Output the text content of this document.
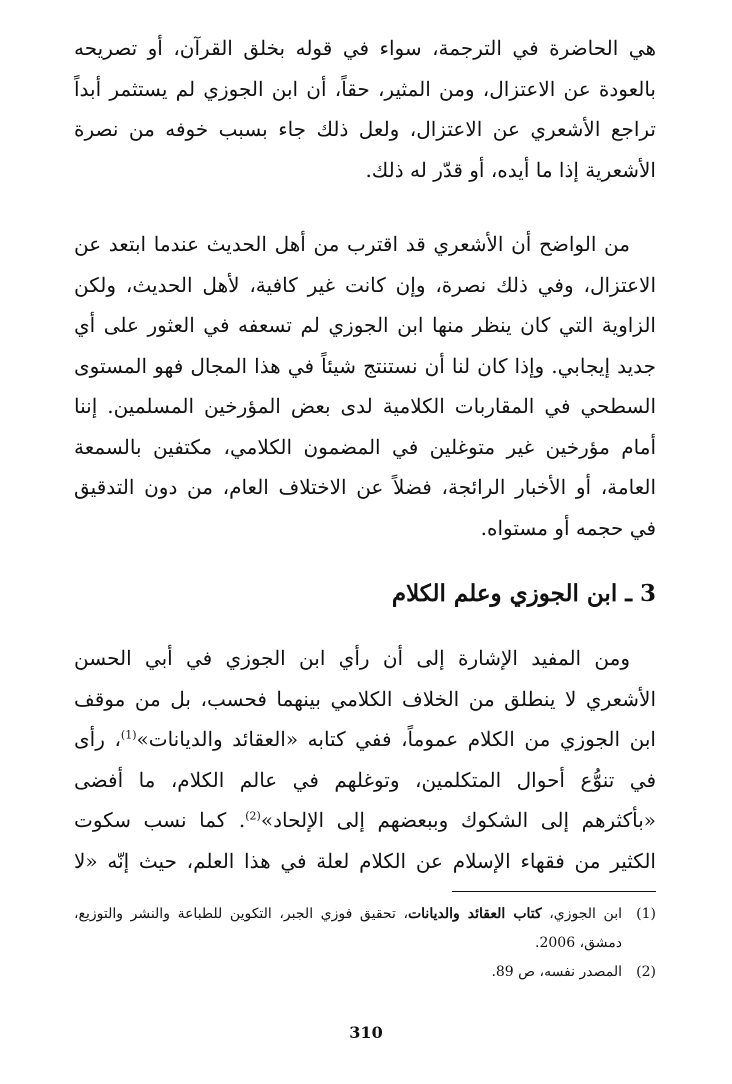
هي الحاضرة في الترجمة، سواء في قوله بخلق القرآن، أو تصريحه
بالعودة عن الاعتزال، ومن المثير، حقاً، أن ابن الجوزي لم يستثمر أبداً
تراجع الأشعري عن الاعتزال، ولعل ذلك جاء بسبب خوفه من نصرة
الأشعرية إذا ما أيده، أو قدّر له ذلك.
من الواضح أن الأشعري قد اقترب من أهل الحديث عندما ابتعد عن
الاعتزال، وفي ذلك نصرة، وإن كانت غير كافية، لأهل الحديث، ولكن
الزاوية التي كان ينظر منها ابن الجوزي لم تسعفه في العثور على أي
جديد إيجابي. وإذا كان لنا أن نستنتج شيئاً في هذا المجال فهو المستوى
السطحي في المقاربات الكلامية لدى بعض المؤرخين المسلمين. إننا
أمام مؤرخين غير متوغلين في المضمون الكلامي، مكتفين بالسمعة
العامة، أو الأخبار الرائجة، فضلاً عن الاختلاف العام، من دون التدقيق
في حجمه أو مستواه.
3 ـ ابن الجوزي وعلم الكلام
ومن المفيد الإشارة إلى أن رأي ابن الجوزي في أبي الحسن
الأشعري لا ينطلق من الخلاف الكلامي بينهما فحسب، بل من موقف
ابن الجوزي من الكلام عموماً، ففي كتابه «العقائد والديانات»$^{(1)}$، رأى
في تنوُّع أحوال المتكلمين، وتوغلهم في عالم الكلام، ما أفضى
«بأكثرهم إلى الشكوك وببعضهم إلى الإلحاد»$^{(2)}$. كما نسب سكوت
الكثير من فقهاء الإسلام عن الكلام لعلة في هذا العلم، حيث إنّه «لا
(1)
ابن الجوزي، كتاب العقائد والديانات، تحقيق فوزي الجبر، التكوين للطباعة والنشر والتوزيع، دمشق، 2006.
(2)
المصدر نفسه، ص 89.
310
